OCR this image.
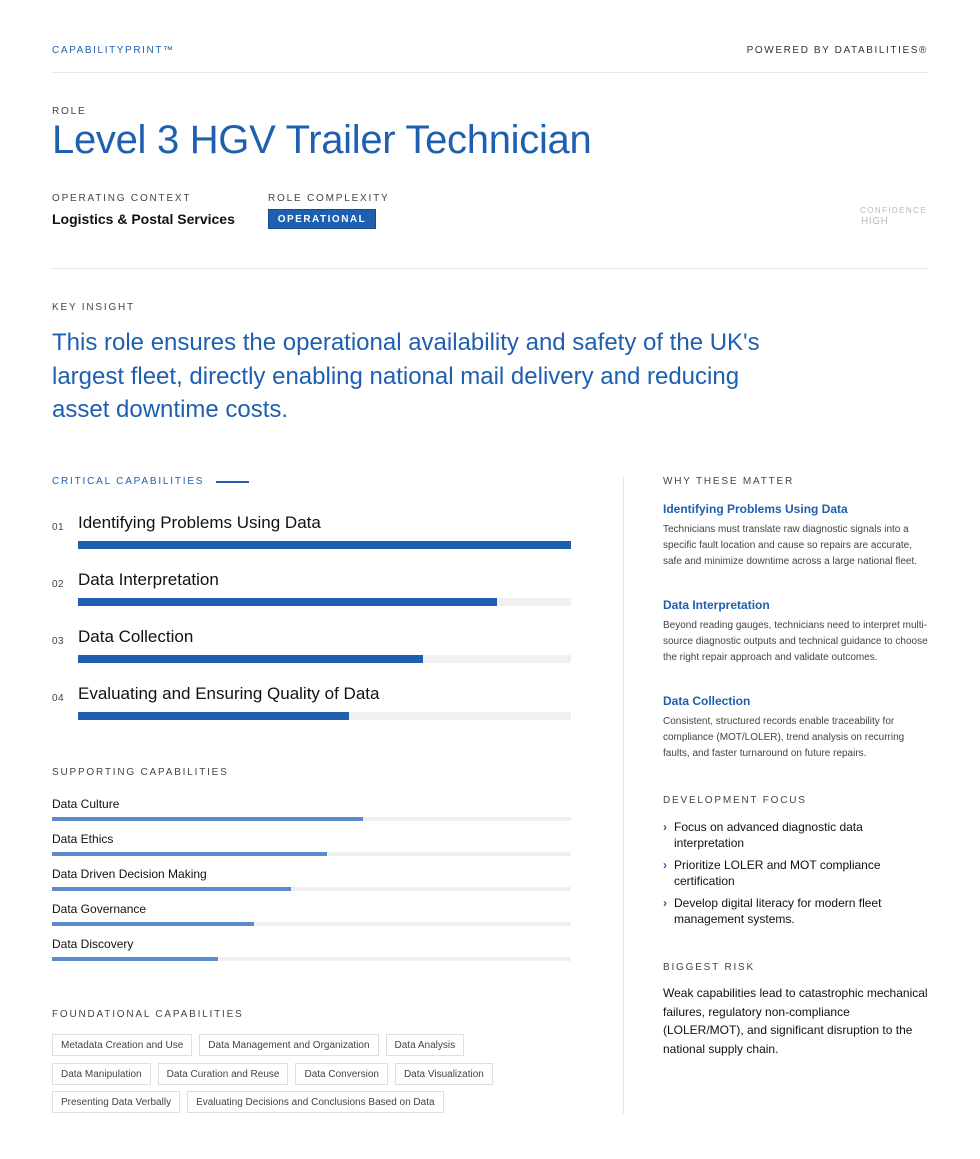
CAPABILITYPRINT™	POWERED BY DATABILITIES®
ROLE
Level 3 HGV Trailer Technician
OPERATING CONTEXT
Logistics & Postal Services
ROLE COMPLEXITY
OPERATIONAL
CONFIDENCE
HIGH
KEY INSIGHT

This role ensures the operational availability and safety of the UK's largest fleet, directly enabling national mail delivery and reducing asset downtime costs.

CRITICAL CAPABILITIES
01 Identifying Problems Using Data
02 Data Interpretation
03 Data Collection
04 Evaluating and Ensuring Quality of Data
SUPPORTING CAPABILITIES
Data Culture
Data Ethics
Data Driven Decision Making
Data Governance
Data Discovery
FOUNDATIONAL CAPABILITIES
Metadata Creation and Use	Data Management and Organization	Data Analysis
Data Manipulation	Data Curation and Reuse	Data Conversion	Data Visualization
Presenting Data Verbally	Evaluating Decisions and Conclusions Based on Data
WHY THESE MATTER
Identifying Problems Using Data
Technicians must translate raw diagnostic signals into a specific fault location and cause so repairs are accurate, safe and minimize downtime across a large national fleet.
Data Interpretation
Beyond reading gauges, technicians need to interpret multi-source diagnostic outputs and technical guidance to choose the right repair approach and validate outcomes.
Data Collection
Consistent, structured records enable traceability for compliance (MOT/LOLER), trend analysis on recurring faults, and faster turnaround on future repairs.
DEVELOPMENT FOCUS
› Focus on advanced diagnostic data interpretation
› Prioritize LOLER and MOT compliance certification
› Develop digital literacy for modern fleet management systems.
BIGGEST RISK

Weak capabilities lead to catastrophic mechanical failures, regulatory non-compliance (LOLER/MOT), and significant disruption to the national supply chain.
